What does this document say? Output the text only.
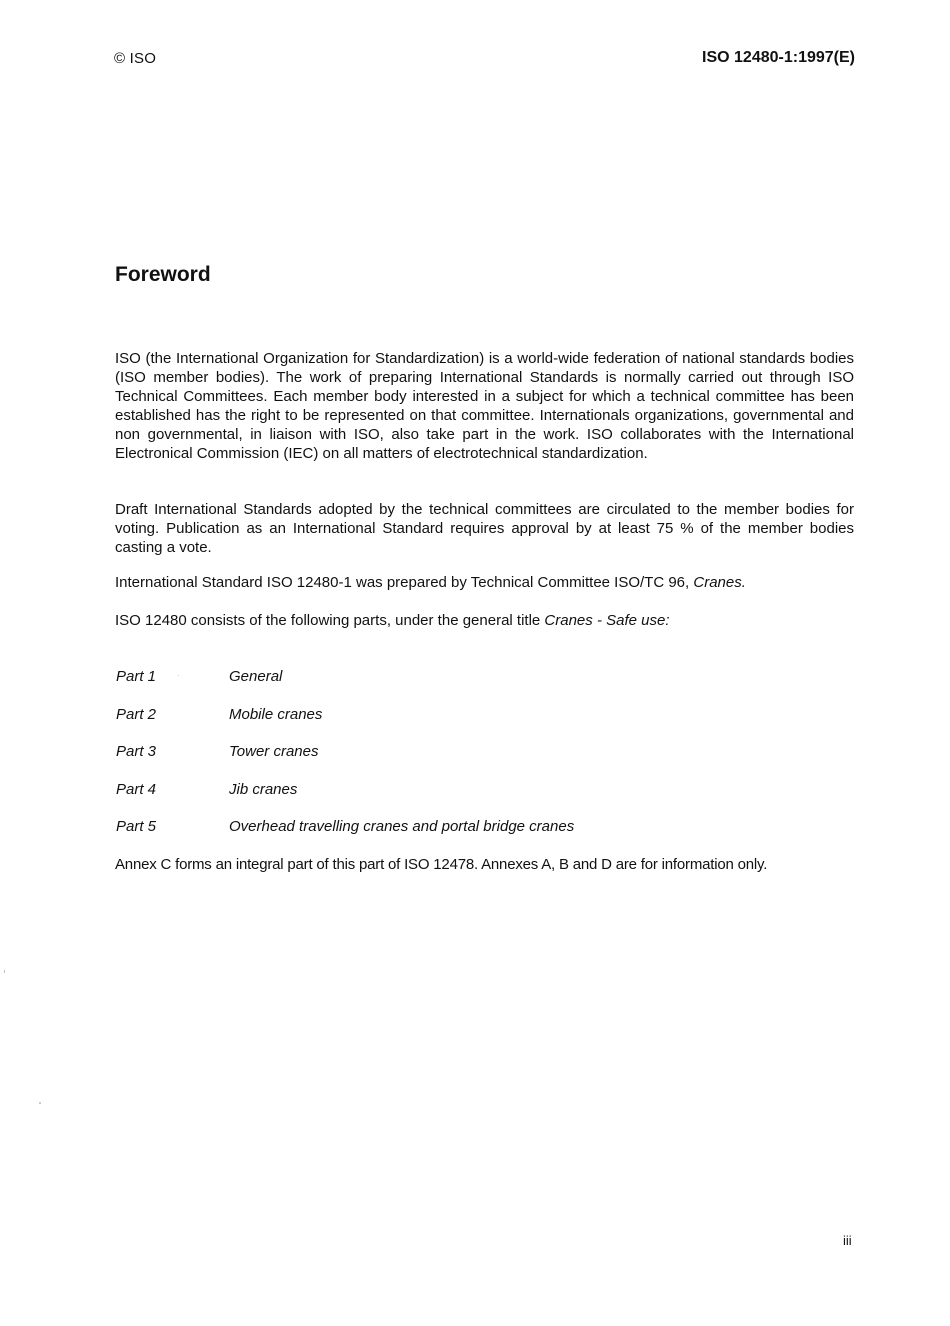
© ISO	ISO 12480-1:1997(E)
Foreword

ISO (the International Organization for Standardization) is a world-wide federation of national standards bodies (ISO member bodies). The work of preparing International Standards is normally carried out through ISO Technical Committees. Each member body interested in a subject for which a technical committee has been established has the right to be represented on that committee. Internationals organizations, governmental and non governmental, in liaison with ISO, also take part in the work. ISO collaborates with the International Electronical Commission (IEC) on all matters of electrotechnical standardization.

Draft International Standards adopted by the technical committees are circulated to the member bodies for voting. Publication as an International Standard requires approval by at least 75 % of the member bodies casting a vote.

International Standard ISO 12480-1 was prepared by Technical Committee ISO/TC 96, Cranes.

ISO 12480 consists of the following parts, under the general title Cranes - Safe use:

Part 1	General
Part 2	Mobile cranes
Part 3	Tower cranes
Part 4	Jib cranes
Part 5	Overhead travelling cranes and portal bridge cranes

Annex C forms an integral part of this part of ISO 12478. Annexes A, B and D are for information only.

iii
